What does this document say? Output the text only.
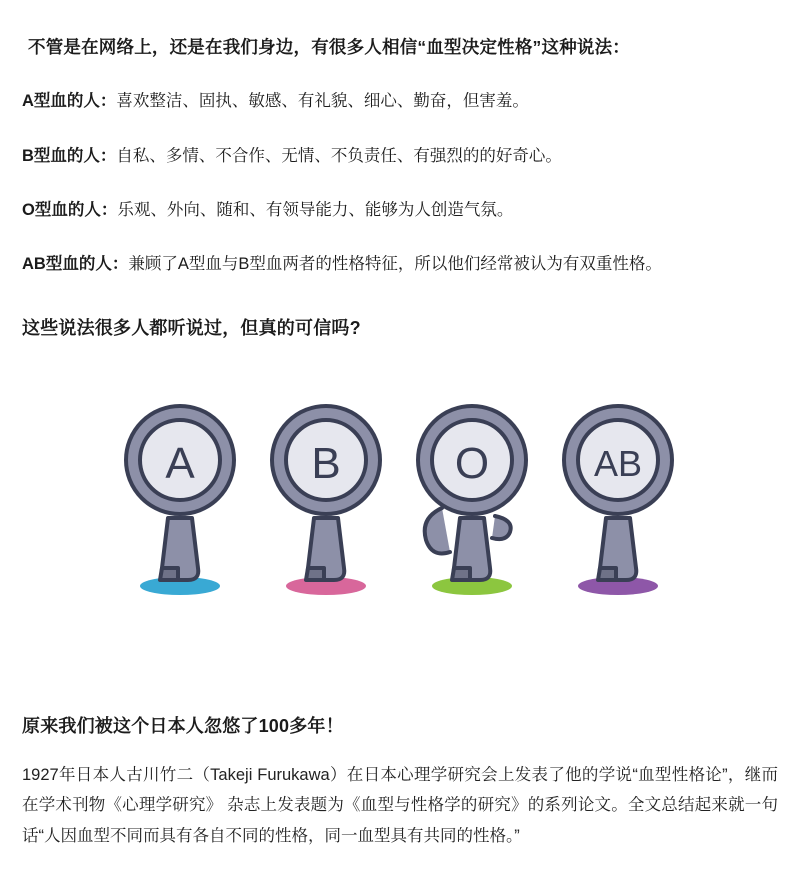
不管是在网络上，还是在我们身边，有很多人相信“血型决定性格”这种说法：
A型血的人：喜欢整洁、固执、敏感、有礼貌、细心、勤奋，但害羞。
B型血的人：自私、多情、不合作、无情、不负责任、有强烈的的好奇心。
O型血的人：乐观、外向、随和、有领导能力、能够为人创造气氛。
AB型血的人：兼顾了A型血与B型血两者的性格特征，所以他们经常被认为有双重性格。
这些说法很多人都听说过，但真的可信吗?
A	B	O	AB
原来我们被这个日本人忽悠了100多年！
1927年日本人古川竹二（Takeji Furukawa）在日本心理学研究会上发表了他的学说“血型性格论”，继而在学术刊物《心理学研究》 杂志上发表题为《血型与性格学的研究》的系列论文。全文总结起来就一句话“人因血型不同而具有各自不同的性格，同一血型具有共同的性格。”
